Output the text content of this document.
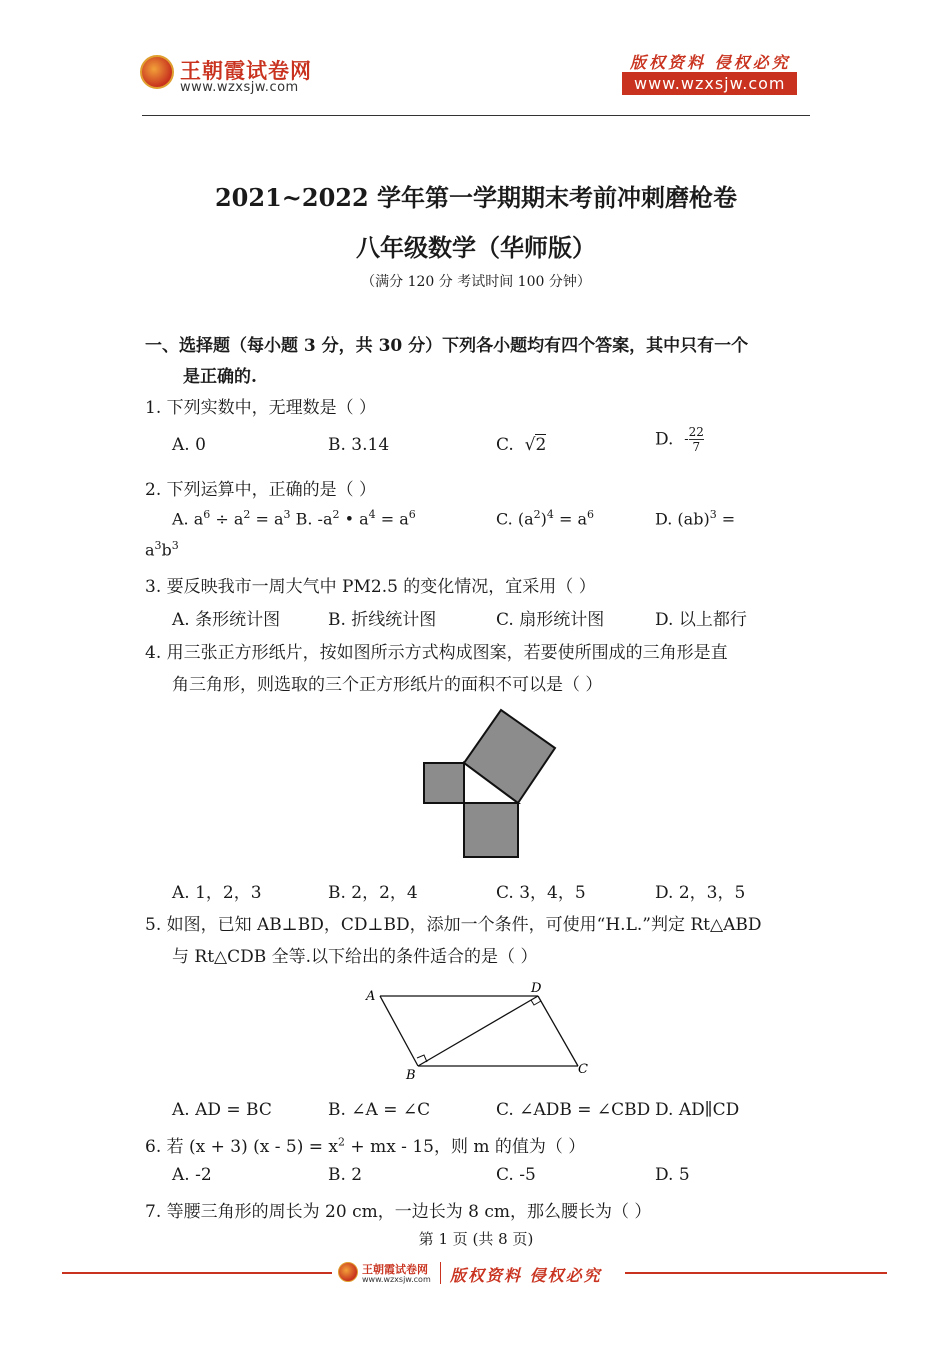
王朝霞试卷网
www.wzxsjw.com
版权资料 侵权必究
www.wzxsjw.com
2021~2022 学年第一学期期末考前冲刺磨枪卷
八年级数学（华师版）
（满分 120 分 考试时间 100 分钟）
一、选择题（每小题 3 分，共 30 分）下列各小题均有四个答案，其中只有一个
是正确的.
1. 下列实数中，无理数是（ ）
A. 0	B. 3.14	C. √2	D. - $\frac{22}{7}$
2. 下列运算中，正确的是（ ）
A. $a^6 \div a^2 = a^3$ B. $-a^2$ • $a^4 = a^6$	C. $(a^2)^4 = a^6$	D. (ab)$^3$ =
$a^3b^3$
3. 要反映我市一周大气中 PM2.5 的变化情况，宜采用（ ）
A. 条形统计图	B. 折线统计图	C. 扇形统计图	D. 以上都行
4. 用三张正方形纸片，按如图所示方式构成图案，若要使所围成的三角形是直
角三角形，则选取的三个正方形纸片的面积不可以是（ ）
A. 1，2，3	B. 2，2，4	C. 3，4，5	D. 2，3，5
5. 如图，已知 AB⊥BD，CD⊥BD，添加一个条件，可使用“H.L.”判定 Rt△ABD
与 Rt△CDB 全等.以下给出的条件适合的是（ ）
A
D
B	C
A. AD = BC	B. ∠A = ∠C	C. ∠ADB = ∠CBD D. AD∥CD
6. 若 (x + 3) $(x - 5) = x^2$ + mx - 15，则 m 的值为（ ）
A. -2	B. 2	C. -5	D. 5
7. 等腰三角形的周长为 20 cm，一边长为 8 cm，那么腰长为（ ）
第 1 页 (共 8 页)
王朝霞试卷网
www.wzxsjw.com 版权资料 侵权必究
